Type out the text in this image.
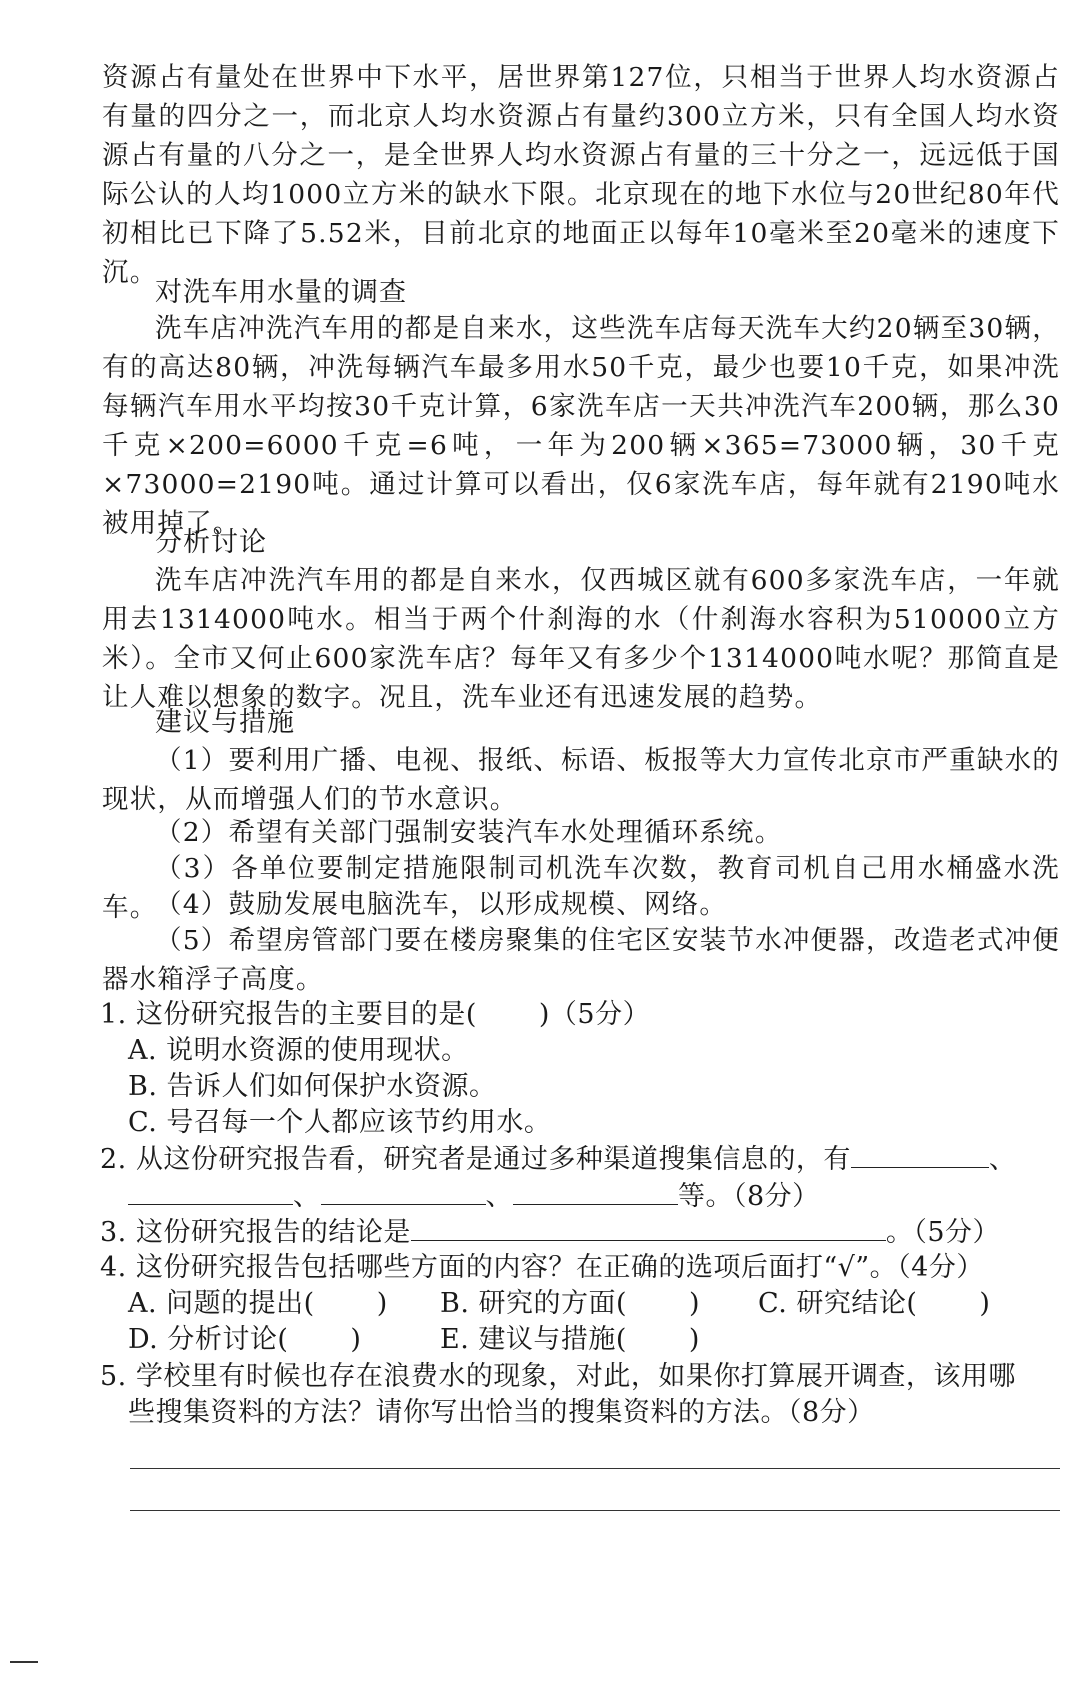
资源占有量处在世界中下水平，居世界第127位，只相当于世界人均水资源占有量的四分之一，而北京人均水资源占有量约300立方米，只有全国人均水资源占有量的八分之一，是全世界人均水资源占有量的三十分之一，远远低于国际公认的人均1000立方米的缺水下限。北京现在的地下水位与20世纪80年代初相比已下降了5.52米，目前北京的地面正以每年10毫米至20毫米的速度下沉。

对洗车用水量的调查

洗车店冲洗汽车用的都是自来水，这些洗车店每天洗车大约20辆至30辆，有的高达80辆，冲洗每辆汽车最多用水50千克，最少也要10千克，如果冲洗每辆汽车用水平均按30千克计算，6家洗车店一天共冲洗汽车200辆，那么30千克×200=6000千克=6吨，一年为200辆×365=73000辆，30千克×73000=2190吨。通过计算可以看出，仅6家洗车店，每年就有2190吨水被用掉了。

分析讨论

洗车店冲洗汽车用的都是自来水，仅西城区就有600多家洗车店，一年就用去1314000吨水。相当于两个什刹海的水（什刹海水容积为510000立方米）。全市又何止600家洗车店？每年又有多少个1314000吨水呢？那简直是让人难以想象的数字。况且，洗车业还有迅速发展的趋势。

建议与措施

（1）要利用广播、电视、报纸、标语、板报等大力宣传北京市严重缺水的现状，从而增强人们的节水意识。

（2）希望有关部门强制安装汽车水处理循环系统。

（3）各单位要制定措施限制司机洗车次数，教育司机自己用水桶盛水洗车。

（4）鼓励发展电脑洗车，以形成规模、网络。

（5）希望房管部门要在楼房聚集的住宅区安装节水冲便器，改造老式冲便器水箱浮子高度。

1. 这份研究报告的主要目的是( )（5分）

A. 说明水资源的使用现状。

B. 告诉人们如何保护水资源。

C. 号召每一个人都应该节约用水。

2. 从这份研究报告看，研究者是通过多种渠道搜集信息的，有	、

、	、	等。（8分）

3. 这份研究报告的结论是	。（5分）

4. 这份研究报告包括哪些方面的内容？在正确的选项后面打“√”。（4分）

A. 问题的提出( ) B. 研究的方面( ) C. 研究结论( )

D. 分析讨论( )	E. 建议与措施( )

5. 学校里有时候也存在浪费水的现象，对此，如果你打算展开调查，该用哪

些搜集资料的方法？请你写出恰当的搜集资料的方法。（8分）
